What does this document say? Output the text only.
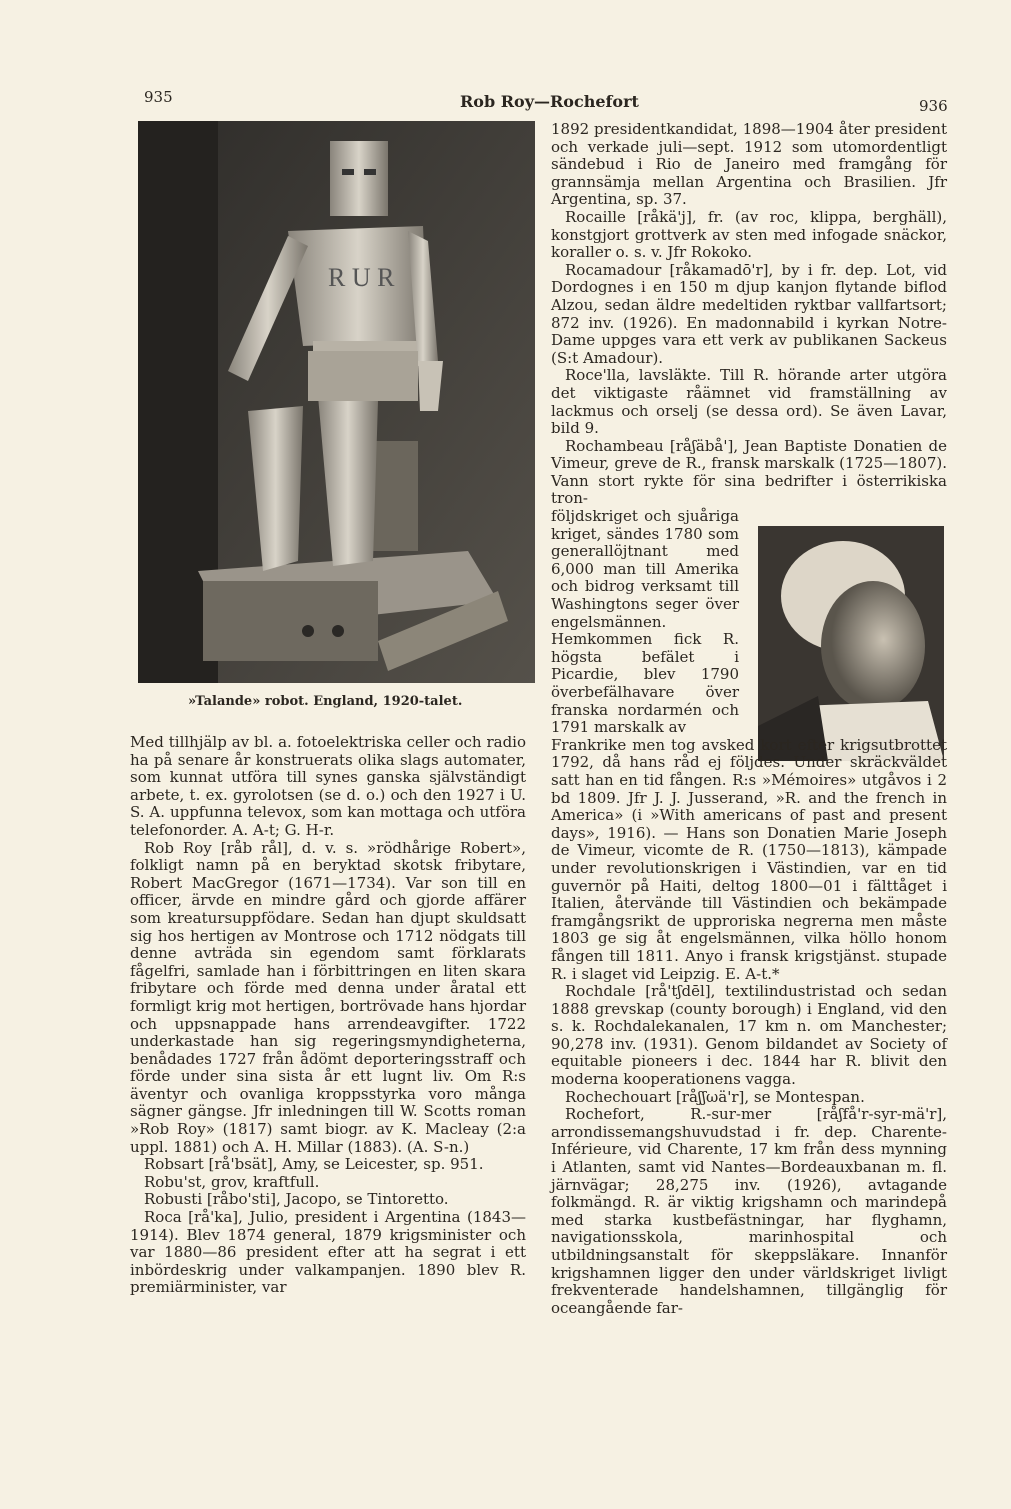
935	Rob Roy—Rochefort	936
R U R
»Talande» robot. England, 1920-talet.

Med tillhjälp av bl. a. fotoelektriska celler och radio ha på senare år konstruerats olika slags automater, som kunnat utföra till synes ganska självständigt arbete, t. ex. gyrolotsen (se d. o.) och den 1927 i U. S. A. uppfunna televox, som kan mottaga och utföra telefonorder. A. A-t; G. H-r.

Rob Roy [råb rål], d. v. s. »rödhårige Robert», folkligt namn på en beryktad skotsk fribytare, Robert MacGregor (1671—1734). Var son till en officer, ärvde en mindre gård och gjorde affärer som kreatursuppfödare. Sedan han djupt skuldsatt sig hos hertigen av Montrose och 1712 nödgats till denne avträda sin egendom samt förklarats fågelfri, samlade han i förbittringen en liten skara fribytare och förde med denna under åratal ett formligt krig mot hertigen, bortrövade hans hjordar och uppsnappade hans arrendeavgifter. 1722 underkastade han sig regeringsmyndigheterna, benådades 1727 från ådömt deporteringsstraff och förde under sina sista år ett lugnt liv. Om R:s äventyr och ovanliga kroppsstyrka voro många sägner gängse. Jfr inledningen till W. Scotts roman »Rob Roy» (1817) samt biogr. av K. Macleay (2:a uppl. 1881) och A. H. Millar (1883). (A. S-n.)

Robsart [rå'bsät], Amy, se Leicester, sp. 951.

Robu'st, grov, kraftfull.

Robusti [råbo'sti], Jacopo, se Tintoretto.

Roca [rå'ka], Julio, president i Argentina (1843—1914). Blev 1874 general, 1879 krigsminister och var 1880—86 president efter att ha segrat i ett inbördeskrig under valkampanjen. 1890 blev R. premiärminister, var

1892 presidentkandidat, 1898—1904 åter president och verkade juli—sept. 1912 som utomordentligt sändebud i Rio de Janeiro med framgång för grannsämja mellan Argentina och Brasilien. Jfr Argentina, sp. 37.

Rocaille [råkä'j], fr. (av roc, klippa, berghäll), konstgjort grottverk av sten med infogade snäckor, koraller o. s. v. Jfr Rokoko.

Rocamadour [råkamadō'r], by i fr. dep. Lot, vid Dordognes i en 150 m djup kanjon flytande biflod Alzou, sedan äldre medeltiden ryktbar vallfartsort; 872 inv. (1926). En madonnabild i kyrkan Notre-Dame uppges vara ett verk av publikanen Sackeus (S:t Amadour).

Roce'lla, lavsläkte. Till R. hörande arter utgöra det viktigaste råämnet vid framställning av lackmus och orselj (se dessa ord). Se även Lavar, bild 9.

Rochambeau [råʃäbå'], Jean Baptiste Donatien de Vimeur, greve de R., fransk marskalk (1725—1807). Vann stort rykte för sina bedrifter i österrikiska tron-

följdskriget och sjuåriga kriget, sändes 1780 som generallöjtnant med 6,000 man till Amerika och bidrog verksamt till Washingtons seger över engelsmännen. Hemkommen fick R. högsta befälet i Picardie, blev 1790 överbefälhavare över franska nordarmén och 1791 marskalk av

Frankrike men tog avsked kort efter krigsutbrottet 1792, då hans råd ej följdes. Under skräckväldet satt han en tid fången. R:s »Mémoires» utgåvos i 2 bd 1809. Jfr J. J. Jusserand, »R. and the french in America» (i »With americans of past and present days», 1916). — Hans son Donatien Marie Joseph de Vimeur, vicomte de R. (1750—1813), kämpade under revolutionskrigen i Västindien, var en tid guvernör på Haiti, deltog 1800—01 i fälttåget i Italien, återvände till Västindien och bekämpade framgångsrikt de upproriska negrerna men måste 1803 ge sig åt engelsmännen, vilka höllo honom fången till 1811. Anyo i fransk krigstjänst. stupade R. i slaget vid Leipzig. E. A-t.*

Rochdale [rå'tʃdēl], textilindustristad och sedan 1888 grevskap (county borough) i England, vid den s. k. Rochdalekanalen, 17 km n. om Manchester; 90,278 inv. (1931). Genom bildandet av Society of equitable pioneers i dec. 1844 har R. blivit den moderna kooperationens vagga.

Rochechouart [råʃʃωä'r], se Montespan.

Rochefort, R.-sur-mer [råʃfå'r-syr-mä'r], arrondissemangshuvudstad i fr. dep. Charente-Inférieure, vid Charente, 17 km från dess mynning i Atlanten, samt vid Nantes—Bordeauxbanan m. fl. järnvägar; 28,275 inv. (1926), avtagande folkmängd. R. är viktig krigshamn och marindepå med starka kustbefästningar, har flyghamn, navigationsskola, marinhospital och utbildningsanstalt för skeppsläkare. Innanför krigshamnen ligger den under världskriget livligt frekventerade handelshamnen, tillgänglig för oceangående far-
